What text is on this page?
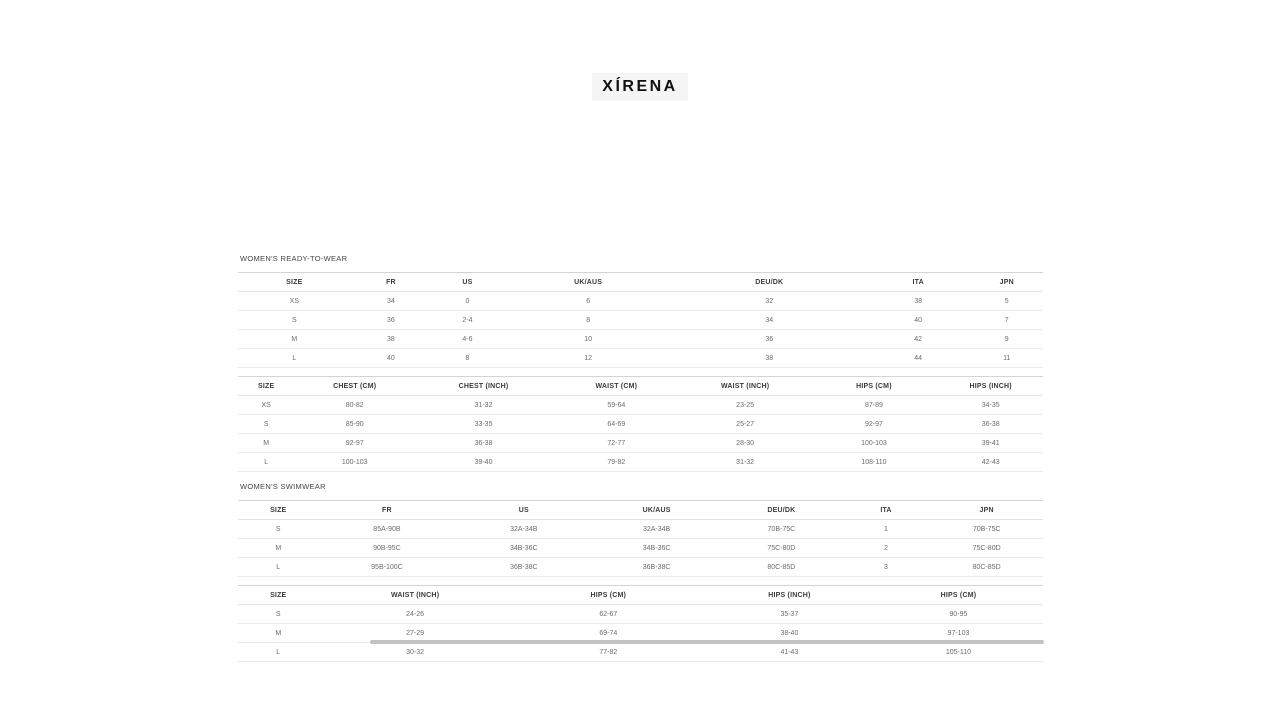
XÍRENA
WOMEN'S READY-TO-WEAR
SIZE	FR	US	UK/AUS	DEU/DK	ITA	JPN
XS	34	0	6	32	38	5
S	36	2-4	8	34	40	7
M	38	4-6	10	36	42	9
L	40	8	12	38	44	11
SIZE	CHEST (CM)	CHEST (INCH)	WAIST (CM)	WAIST (INCH)	HIPS (CM)	HIPS (INCH)
XS	80-82	31-32	59-64	23-25	87-89	34-35
S	85-90	33-35	64-69	25-27	92-97	36-38
M	92-97	36-38	72-77	28-30	100-103	39-41
L	100-103	39-40	79-82	31-32	108-110	42-43
WOMEN'S SWIMWEAR
SIZE	FR	US	UK/AUS	DEU/DK	ITA	JPN
S	85A-90B	32A-34B	32A-34B	70B-75C	1	70B-75C
M	90B-95C	34B-36C	34B-36C	75C-80D	2	75C-80D
L	95B-100C	36B-38C	36B-38C	80C-85D	3	80C-85D
SIZE	WAIST (INCH)	HIPS (CM)	HIPS (INCH)	HIPS (CM)
S	24-26	62-67	35-37	90-95
M	27-29	69-74	38-40	97-103
L	30-32	77-82	41-43	105-110
